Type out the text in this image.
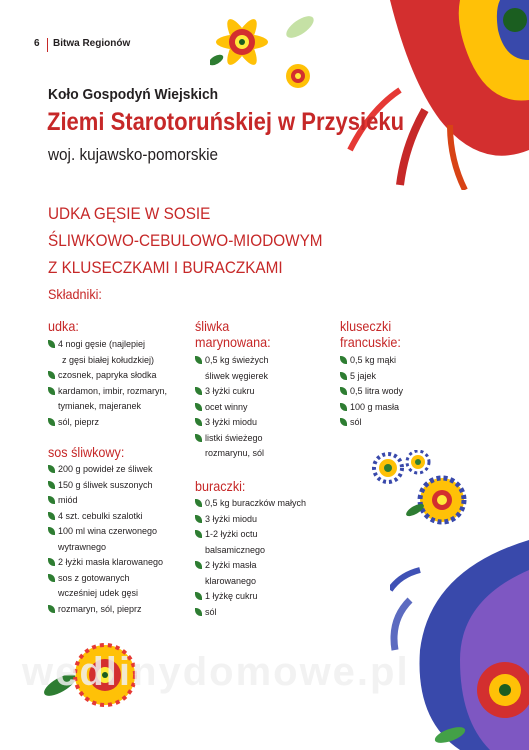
6 Bitwa Regionów
Koło Gospodyń Wiejskich
Ziemi Starotoruńskiej w Przysieku
woj. kujawsko-pomorskie
UDKA GĘSIE W SOSIE
ŚLIWKOWO-CEBULOWO-MIODOWYM
Z KLUSECZKAMI I BURACZKAMI
Składniki:
udka:
4 nogi gęsie (najlepiej
z gęsi białej kołudzkiej)
czosnek, papryka słodka
kardamon, imbir, rozmaryn,
tymianek, majeranek
sól, pieprz
sos śliwkowy:
200 g powideł ze śliwek
150 g śliwek suszonych
miód
4 szt. cebulki szalotki
100 ml wina czerwonego
wytrawnego
2 łyżki masła klarowanego
sos z gotowanych
wcześniej udek gęsi
rozmaryn, sól, pieprz
śliwka
marynowana:
0,5 kg świeżych
śliwek węgierek
3 łyżki cukru
ocet winny
3 łyżki miodu
listki świeżego
rozmarynu, sól
buraczki:
0,5 kg buraczków małych
3 łyżki miodu
1-2 łyżki octu
balsamicznego
2 łyżki masła
klarowanego
1 łyżkę cukru
sól
kluseczki
francuskie:
0,5 kg mąki
5 jajek
0,5 litra wody
100 g masła
sól
wedlinydomowe.pl
